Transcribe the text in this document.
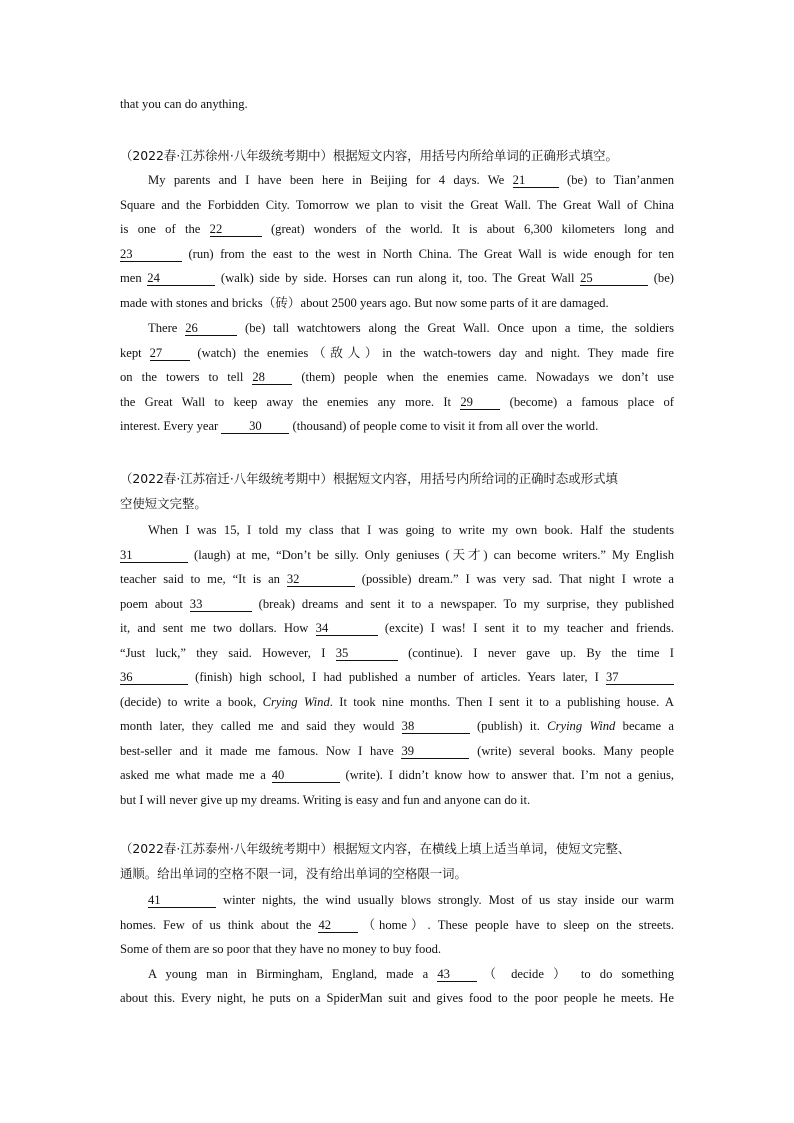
that you can do anything.
（2022春·江苏徐州·八年级统考期中）根据短文内容，用括号内所给单词的正确形式填空。
My parents and I have been here in Beijing for 4 days. We 21	(be) to Tian’anmen
Square and the Forbidden City. Tomorrow we plan to visit the Great Wall. The Great Wall of China
is one of the 22	(great) wonders of the world. It is about 6,300 kilometers long and
23	(run) from the east to the west in North China. The Great Wall is wide enough for ten
men 24	(walk) side by side. Horses can run along it, too. The Great Wall 25	(be)
made with stones and bricks（砖）about 2500 years ago. But now some parts of it are damaged.
There 26	(be) tall watchtowers along the Great Wall. Once upon a time, the soldiers
kept 27 (watch) the enemies（敌人）in the watch-towers day and night. They made fire
on the towers to tell 28 (them) people when the enemies came. Nowadays we don’t use
the Great Wall to keep away the enemies any more. It 29 (become) a famous place of
interest. Every year 30 (thousand) of people come to visit it from all over the world.
（2022春·江苏宿迁·八年级统考期中）根据短文内容，用括号内所给词的正确时态或形式填
空使短文完整。
When I was 15, I told my class that I was going to write my own book. Half the students
31	(laugh) at me, “Don’t be silly. Only geniuses (天才) can become writers.” My English
teacher said to me, “It is an 32	(possible) dream.” I was very sad. That night I wrote a
poem about 33	(break) dreams and sent it to a newspaper. To my surprise, they published
it, and sent me two dollars. How 34	(excite) I was! I sent it to my teacher and friends.
“Just luck,” they said. However, I 35	(continue). I never gave up. By the time I
36	(finish) high school, I had published a number of articles. Years later, I 37
(decide) to write a book, Crying Wind. It took nine months. Then I sent it to a publishing house. A
month later, they called me and said they would 38	(publish) it. Crying Wind became a
best-seller and it made me famous. Now I have 39	(write) several books. Many people
asked me what made me a 40	(write). I didn’t know how to answer that. I’m not a genius,
but I will never give up my dreams. Writing is easy and fun and anyone can do it.
（2022春·江苏泰州·八年级统考期中）根据短文内容，在横线上填上适当单词，使短文完整、
通顺。给出单词的空格不限一词，没有给出单词的空格限一词。
41	winter nights, the wind usually blows strongly. Most of us stay inside our warm
homes. Few of us think about the 42 （home）. These people have to sleep on the streets.
Some of them are so poor that they have no money to buy food.
A young man in Birmingham, England, made a 43 （ decide ） to do something
about this. Every night, he puts on a SpiderMan suit and gives food to the poor people he meets. He
